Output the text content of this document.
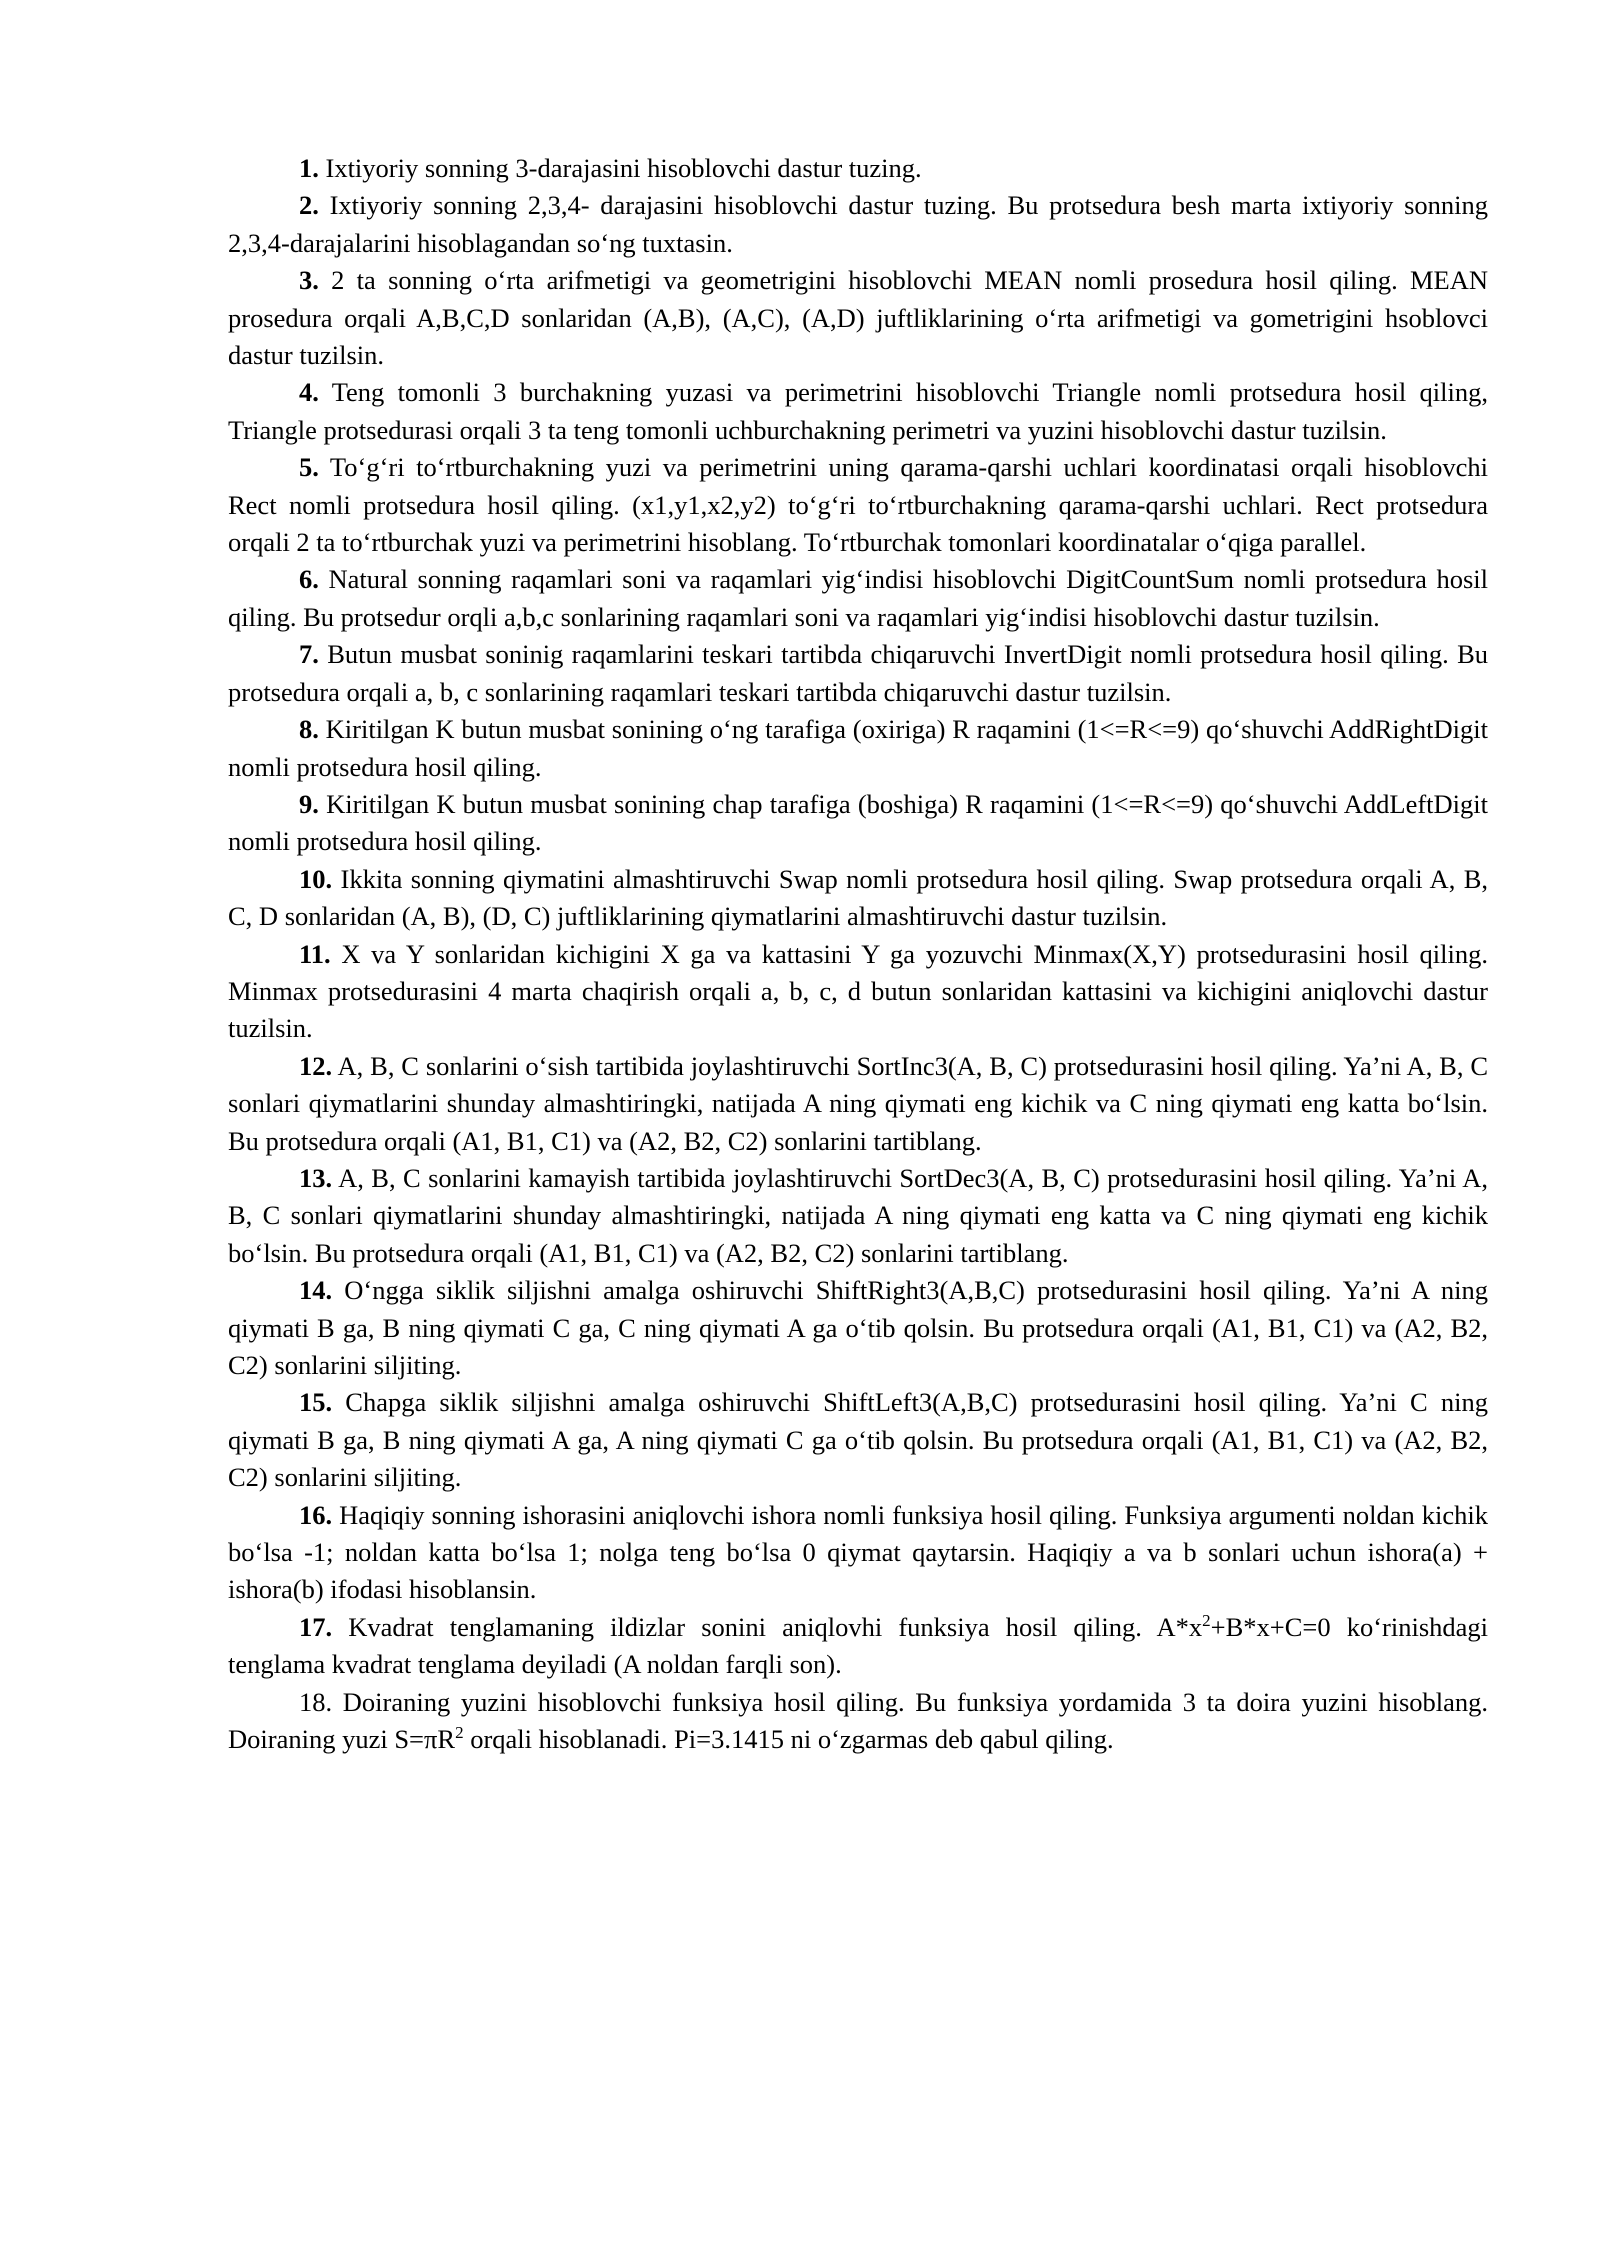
1. Ixtiyoriy sonning 3-darajasini hisoblovchi dastur tuzing.

2. Ixtiyoriy sonning 2,3,4- darajasini hisoblovchi dastur tuzing. Bu protsedura besh marta ixtiyoriy sonning 2,3,4-darajalarini hisoblagandan so‘ng tuxtasin.

3. 2 ta sonning o‘rta arifmetigi va geometrigini hisoblovchi MEAN nomli prosedura hosil qiling. MEAN prosedura orqali A,B,C,D sonlaridan (A,B), (A,C), (A,D) juftliklarining o‘rta arifmetigi va gometrigini hsoblovci dastur tuzilsin.

4. Teng tomonli 3 burchakning yuzasi va perimetrini hisoblovchi Triangle nomli protsedura hosil qiling, Triangle protsedurasi orqali 3 ta teng tomonli uchburchakning perimetri va yuzini hisoblovchi dastur tuzilsin.

5. To‘g‘ri to‘rtburchakning yuzi va perimetrini uning qarama-qarshi uchlari koordinatasi orqali hisoblovchi Rect nomli protsedura hosil qiling. (x1,y1,x2,y2) to‘g‘ri to‘rtburchakning qarama-qarshi uchlari. Rect protsedura orqali 2 ta to‘rtburchak yuzi va perimetrini hisoblang. To‘rtburchak tomonlari koordinatalar o‘qiga parallel.

6. Natural sonning raqamlari soni va raqamlari yig‘indisi hisoblovchi DigitCountSum nomli protsedura hosil qiling. Bu protsedur orqli a,b,c sonlarining raqamlari soni va raqamlari yig‘indisi hisoblovchi dastur tuzilsin.

7. Butun musbat soninig raqamlarini teskari tartibda chiqaruvchi InvertDigit nomli protsedura hosil qiling. Bu protsedura orqali a, b, c sonlarining raqamlari teskari tartibda chiqaruvchi dastur tuzilsin.

8. Kiritilgan K butun musbat sonining o‘ng tarafiga (oxiriga) R raqamini (1<=R<=9) qo‘shuvchi AddRightDigit nomli protsedura hosil qiling.

9. Kiritilgan K butun musbat sonining chap tarafiga (boshiga) R raqamini (1<=R<=9) qo‘shuvchi AddLeftDigit nomli protsedura hosil qiling.

10. Ikkita sonning qiymatini almashtiruvchi Swap nomli protsedura hosil qiling. Swap protsedura orqali A, B, C, D sonlaridan (A, B), (D, C) juftliklarining qiymatlarini almashtiruvchi dastur tuzilsin.

11. X va Y sonlaridan kichigini X ga va kattasini Y ga yozuvchi Minmax(X,Y) protsedurasini hosil qiling. Minmax protsedurasini 4 marta chaqirish orqali a, b, c, d butun sonlaridan kattasini va kichigini aniqlovchi dastur tuzilsin.

12. A, B, C sonlarini o‘sish tartibida joylashtiruvchi SortInc3(A, B, C) protsedurasini hosil qiling. Ya’ni A, B, C sonlari qiymatlarini shunday almashtiringki, natijada A ning qiymati eng kichik va C ning qiymati eng katta bo‘lsin. Bu protsedura orqali (A1, B1, C1) va (A2, B2, C2) sonlarini tartiblang.

13. A, B, C sonlarini kamayish tartibida joylashtiruvchi SortDec3(A, B, C) protsedurasini hosil qiling. Ya’ni A, B, C sonlari qiymatlarini shunday almashtiringki, natijada A ning qiymati eng katta va C ning qiymati eng kichik bo‘lsin. Bu protsedura orqali (A1, B1, C1) va (A2, B2, C2) sonlarini tartiblang.

14. O‘ngga siklik siljishni amalga oshiruvchi ShiftRight3(A,B,C) protsedurasini hosil qiling. Ya’ni A ning qiymati B ga, B ning qiymati C ga, C ning qiymati A ga o‘tib qolsin. Bu protsedura orqali (A1, B1, C1) va (A2, B2, C2) sonlarini siljiting.

15. Chapga siklik siljishni amalga oshiruvchi ShiftLeft3(A,B,C) protsedurasini hosil qiling. Ya’ni C ning qiymati B ga, B ning qiymati A ga, A ning qiymati C ga o‘tib qolsin. Bu protsedura orqali (A1, B1, C1) va (A2, B2, C2) sonlarini siljiting.

16. Haqiqiy sonning ishorasini aniqlovchi ishora nomli funksiya hosil qiling. Funksiya argumenti noldan kichik bo‘lsa -1; noldan katta bo‘lsa 1; nolga teng bo‘lsa 0 qiymat qaytarsin. Haqiqiy a va b sonlari uchun ishora(a) + ishora(b) ifodasi hisoblansin.

17. Kvadrat tenglamaning ildizlar sonini aniqlovhi funksiya hosil qiling. $A*x^2+B*x+C=0$ ko‘rinishdagi tenglama kvadrat tenglama deyiladi (A noldan farqli son).

18. Doiraning yuzini hisoblovchi funksiya hosil qiling. Bu funksiya yordamida 3 ta doira yuzini hisoblang. Doiraning yuzi $S=\pi R^2$ orqali hisoblanadi. Pi=3.1415 ni o‘zgarmas deb qabul qiling.
